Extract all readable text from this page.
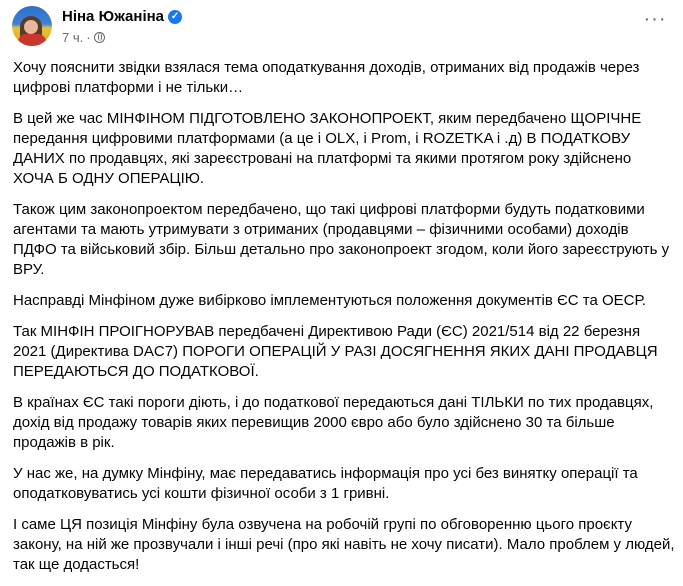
Ніна Южаніна ✓
7 ч. ·
···

Хочу пояснити звідки взялася тема оподаткування доходів, отриманих від продажів через цифрові платформи і не тільки…

В цей же час МІНФІНОМ ПІДГОТОВЛЕНО ЗАКОНОПРОЕКТ, яким передбачено ЩОРІЧНЕ передання цифровими платформами (а це і OLX, і Prom, і ROZETKA і .д) В ПОДАТКОВУ ДАНИХ по продавцях, які зареєстровані на платформі та якими протягом року здійснено ХОЧА Б ОДНУ ОПЕРАЦІЮ.

Також цим законопроектом передбачено, що такі цифрові платформи будуть податковими агентами та мають утримувати з отриманих (продавцями – фізичними особами) доходів ПДФО та військовий збір. Більш детально про законопроект згодом, коли його зареєструють у ВРУ.

Насправді Мінфіном дуже вибірково імплементуються положення документів ЄС та ОЕСР.

Так МІНФІН ПРОІГНОРУВАВ передбачені Директивою Ради (ЄС) 2021/514 від 22 березня 2021 (Директива DAC7) ПОРОГИ ОПЕРАЦІЙ У РАЗІ ДОСЯГНЕННЯ ЯКИХ ДАНІ ПРОДАВЦЯ ПЕРЕДАЮТЬСЯ ДО ПОДАТКОВОЇ.

В країнах ЄС такі пороги діють, і до податкової передаються дані ТІЛЬКИ по тих продавцях, дохід від продажу товарів яких перевищив 2000 євро або було здійснено 30 та більше продажів в рік.

У нас же, на думку Мінфіну, має передаватись інформація про усі без винятку операції та оподатковуватись усі кошти фізичної особи з 1 гривні.

І саме ЦЯ позиція Мінфіну була озвучена на робочій групі по обговоренню цього проєкту закону, на ній же прозвучали і інші речі (про які навіть не хочу писати). Мало проблем у людей, так ще додасться!
